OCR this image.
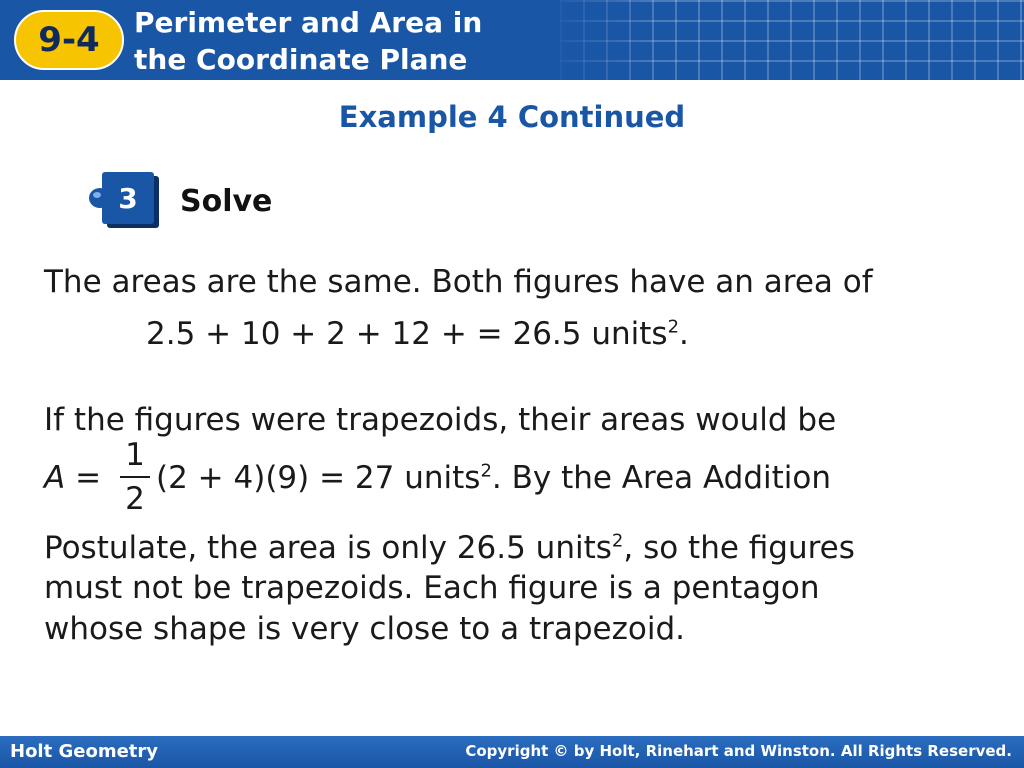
9-4	Perimeter and Area in
the Coordinate Plane
Example 4 Continued
3 Solve
The areas are the same. Both figures have an area of
2.5 + 10 + 2 + 12 + = 26.5 units$^2$.
If the figures were trapezoids, their areas would be
A =
1
2
(2 + 4)(9) = 27 units$^2$. By the Area Addition
Postulate, the area is only 26.5 units$^2$, so the figures
must not be trapezoids. Each figure is a pentagon
whose shape is very close to a trapezoid.
Holt Geometry	Copyright © by Holt, Rinehart and Winston. All Rights Reserved.
